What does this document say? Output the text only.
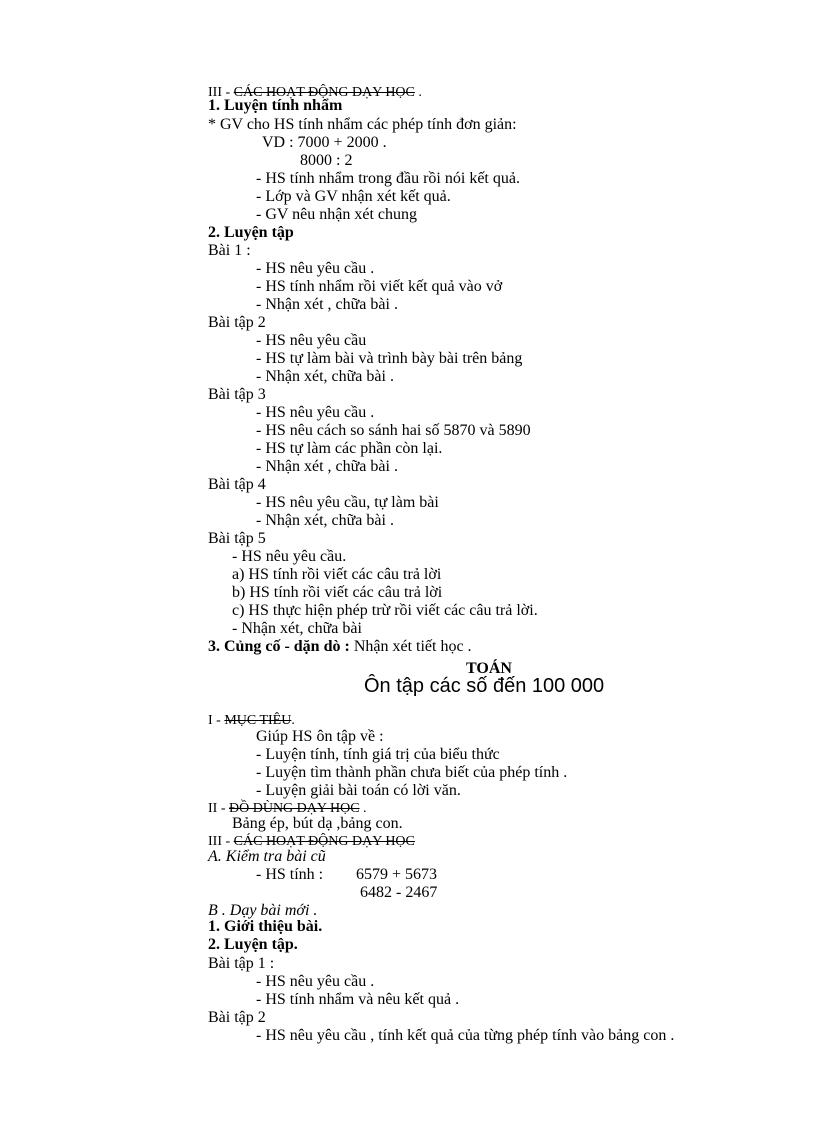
III - CÁC HOẠT ĐỘNG DẠY HỌC .
1. Luyện tính nhẩm
* GV cho HS tính nhẩm các phép tính đơn giản:
VD : 7000 + 2000 .
8000 : 2
- HS tính nhẩm trong đầu rồi nói kết quả.
- Lớp và GV nhận xét kết quả.
- GV nêu nhận xét chung
2. Luyện tập
Bài 1 :
- HS nêu yêu cầu .
- HS tính nhẩm rồi viết kết quả vào vở
- Nhận xét , chữa bài .
Bài tập 2
- HS nêu yêu cầu
- HS tự làm bài và trình bày bài trên bảng
- Nhận xét, chữa bài .
Bài tập 3
- HS nêu yêu cầu .
- HS nêu cách so sánh hai số 5870 và 5890
- HS tự làm các phần còn lại.
- Nhận xét , chữa bài .
Bài tập 4
- HS nêu yêu cầu, tự làm bài
- Nhận xét, chữa bài .
Bài tập 5
- HS nêu yêu cầu.
a) HS tính rồi viết các câu trả lời
b) HS tính rồi viết các câu trả lời
c) HS thực hiện phép trừ rồi viết các câu trả lời.
- Nhận xét, chữa bài
3. Củng cố - dặn dò : Nhận xét tiết học .
TOÁN
Ôn tập các số đến 100 000
I - MỤC TIÊU.
Giúp HS ôn tập về :
- Luyện tính, tính giá trị của biểu thức
- Luyện tìm thành phần chưa biết của phép tính .
- Luyện giải bài toán có lời văn.
II - ĐỒ DÙNG DẠY HỌC .
Bảng ép, bút dạ ,bảng con.
III - CÁC HOẠT ĐỘNG DẠY HỌC
A. Kiểm tra bài cũ
- HS tính : 6579 + 5673
6482 - 2467
B . Dạy bài mới .
1. Giới thiệu bài.
2. Luyện tập.
Bài tập 1 :
- HS nêu yêu cầu .
- HS tính nhẩm và nêu kết quả .
Bài tập 2
- HS nêu yêu cầu , tính kết quả của từng phép tính vào bảng con .
